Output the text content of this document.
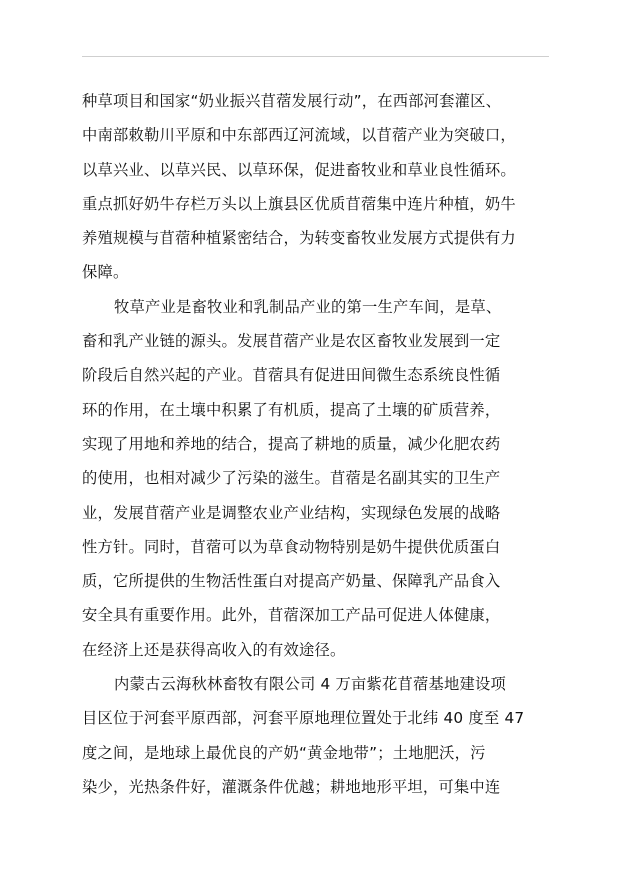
种草项目和国家“奶业振兴苜蓿发展行动”，在西部河套灌区、
中南部敕勒川平原和中东部西辽河流域，以苜蓿产业为突破口，
以草兴业、以草兴民、以草环保，促进畜牧业和草业良性循环。
重点抓好奶牛存栏万头以上旗县区优质苜蓿集中连片种植，奶牛
养殖规模与苜蓿种植紧密结合，为转变畜牧业发展方式提供有力
保障。
牧草产业是畜牧业和乳制品产业的第一生产车间，是草、
畜和乳产业链的源头。发展苜蓿产业是农区畜牧业发展到一定
阶段后自然兴起的产业。苜蓿具有促进田间微生态系统良性循
环的作用，在土壤中积累了有机质，提高了土壤的矿质营养，
实现了用地和养地的结合，提高了耕地的质量，减少化肥农药
的使用，也相对减少了污染的滋生。苜蓿是名副其实的卫生产
业，发展苜蓿产业是调整农业产业结构，实现绿色发展的战略
性方针。同时，苜蓿可以为草食动物特别是奶牛提供优质蛋白
质，它所提供的生物活性蛋白对提高产奶量、保障乳产品食入
安全具有重要作用。此外，苜蓿深加工产品可促进人体健康，
在经济上还是获得高收入的有效途径。
内蒙古云海秋林畜牧有限公司 4 万亩紫花苜蓿基地建设项
目区位于河套平原西部，河套平原地理位置处于北纬 40 度至 47
度之间，是地球上最优良的产奶“黄金地带”；土地肥沃，污
染少，光热条件好，灌溉条件优越；耕地地形平坦，可集中连
